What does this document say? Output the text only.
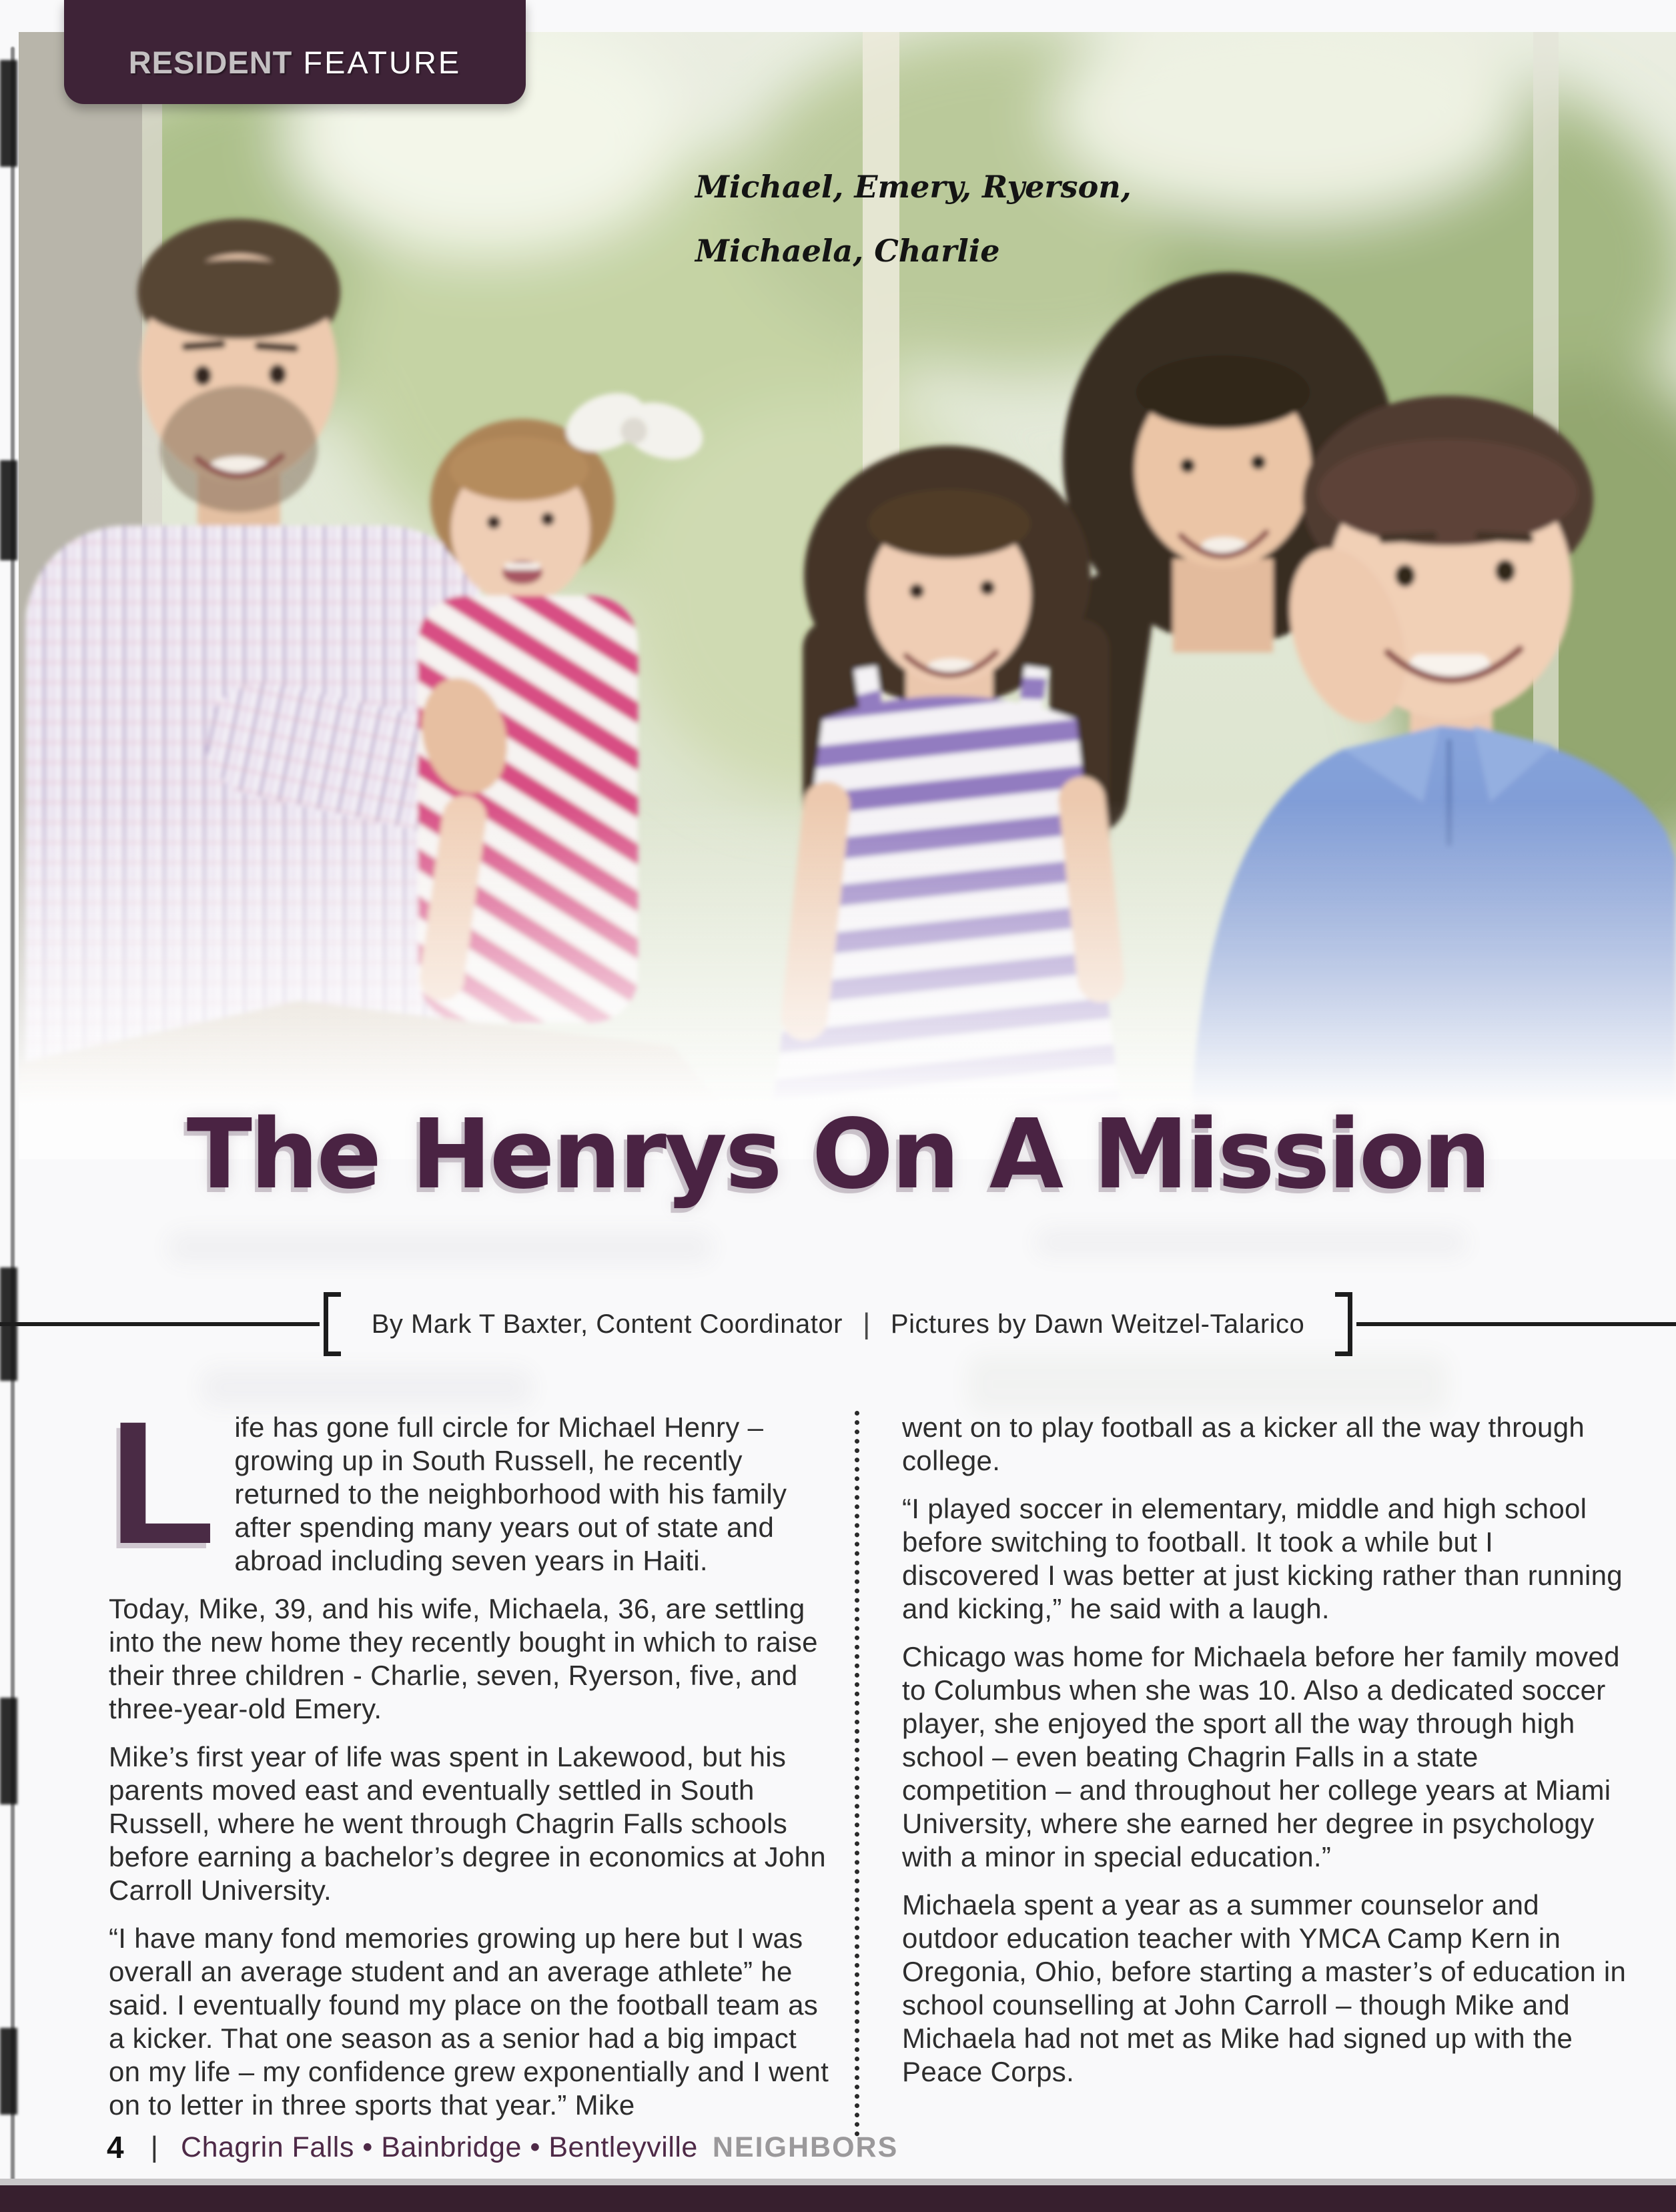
RESIDENT FEATURE
Michael, Emery, Ryerson,
Michaela, Charlie
The Henrys On A Mission
By Mark T Baxter, Content Coordinator | Pictures by Dawn Weitzel-Talarico

Life has gone full circle for Michael Henry – growing up in South Russell, he recently returned to the neighborhood with his family after spending many years out of state and abroad including seven years in Haiti.

Today, Mike, 39, and his wife, Michaela, 36, are settling into the new home they recently bought in which to raise their three children - Charlie, seven, Ryerson, five, and three-year-old Emery.

Mike’s first year of life was spent in Lakewood, but his parents moved east and eventually settled in South Russell, where he went through Chagrin Falls schools before earning a bachelor’s degree in economics at John Carroll University.

“I have many fond memories growing up here but I was overall an average student and an average athlete” he said. I eventually found my place on the football team as a kicker. That one season as a senior had a big impact on my life – my confidence grew exponentially and I went on to letter in three sports that year.” Mike

went on to play football as a kicker all the way through college.

“I played soccer in elementary, middle and high school before switching to football. It took a while but I discovered I was better at just kicking rather than running and kicking,” he said with a laugh.

Chicago was home for Michaela before her family moved to Columbus when she was 10. Also a dedicated soccer player, she enjoyed the sport all the way through high school – even beating Chagrin Falls in a state competition – and throughout her college years at Miami University, where she earned her degree in psychology with a minor in special education.”

Michaela spent a year as a summer counselor and outdoor education teacher with YMCA Camp Kern in Oregonia, Ohio, before starting a master’s of education in school counselling at John Carroll – though Mike and Michaela had not met as Mike had signed up with the Peace Corps.

4 | Chagrin Falls • Bainbridge • Bentleyville NEIGHBORS
